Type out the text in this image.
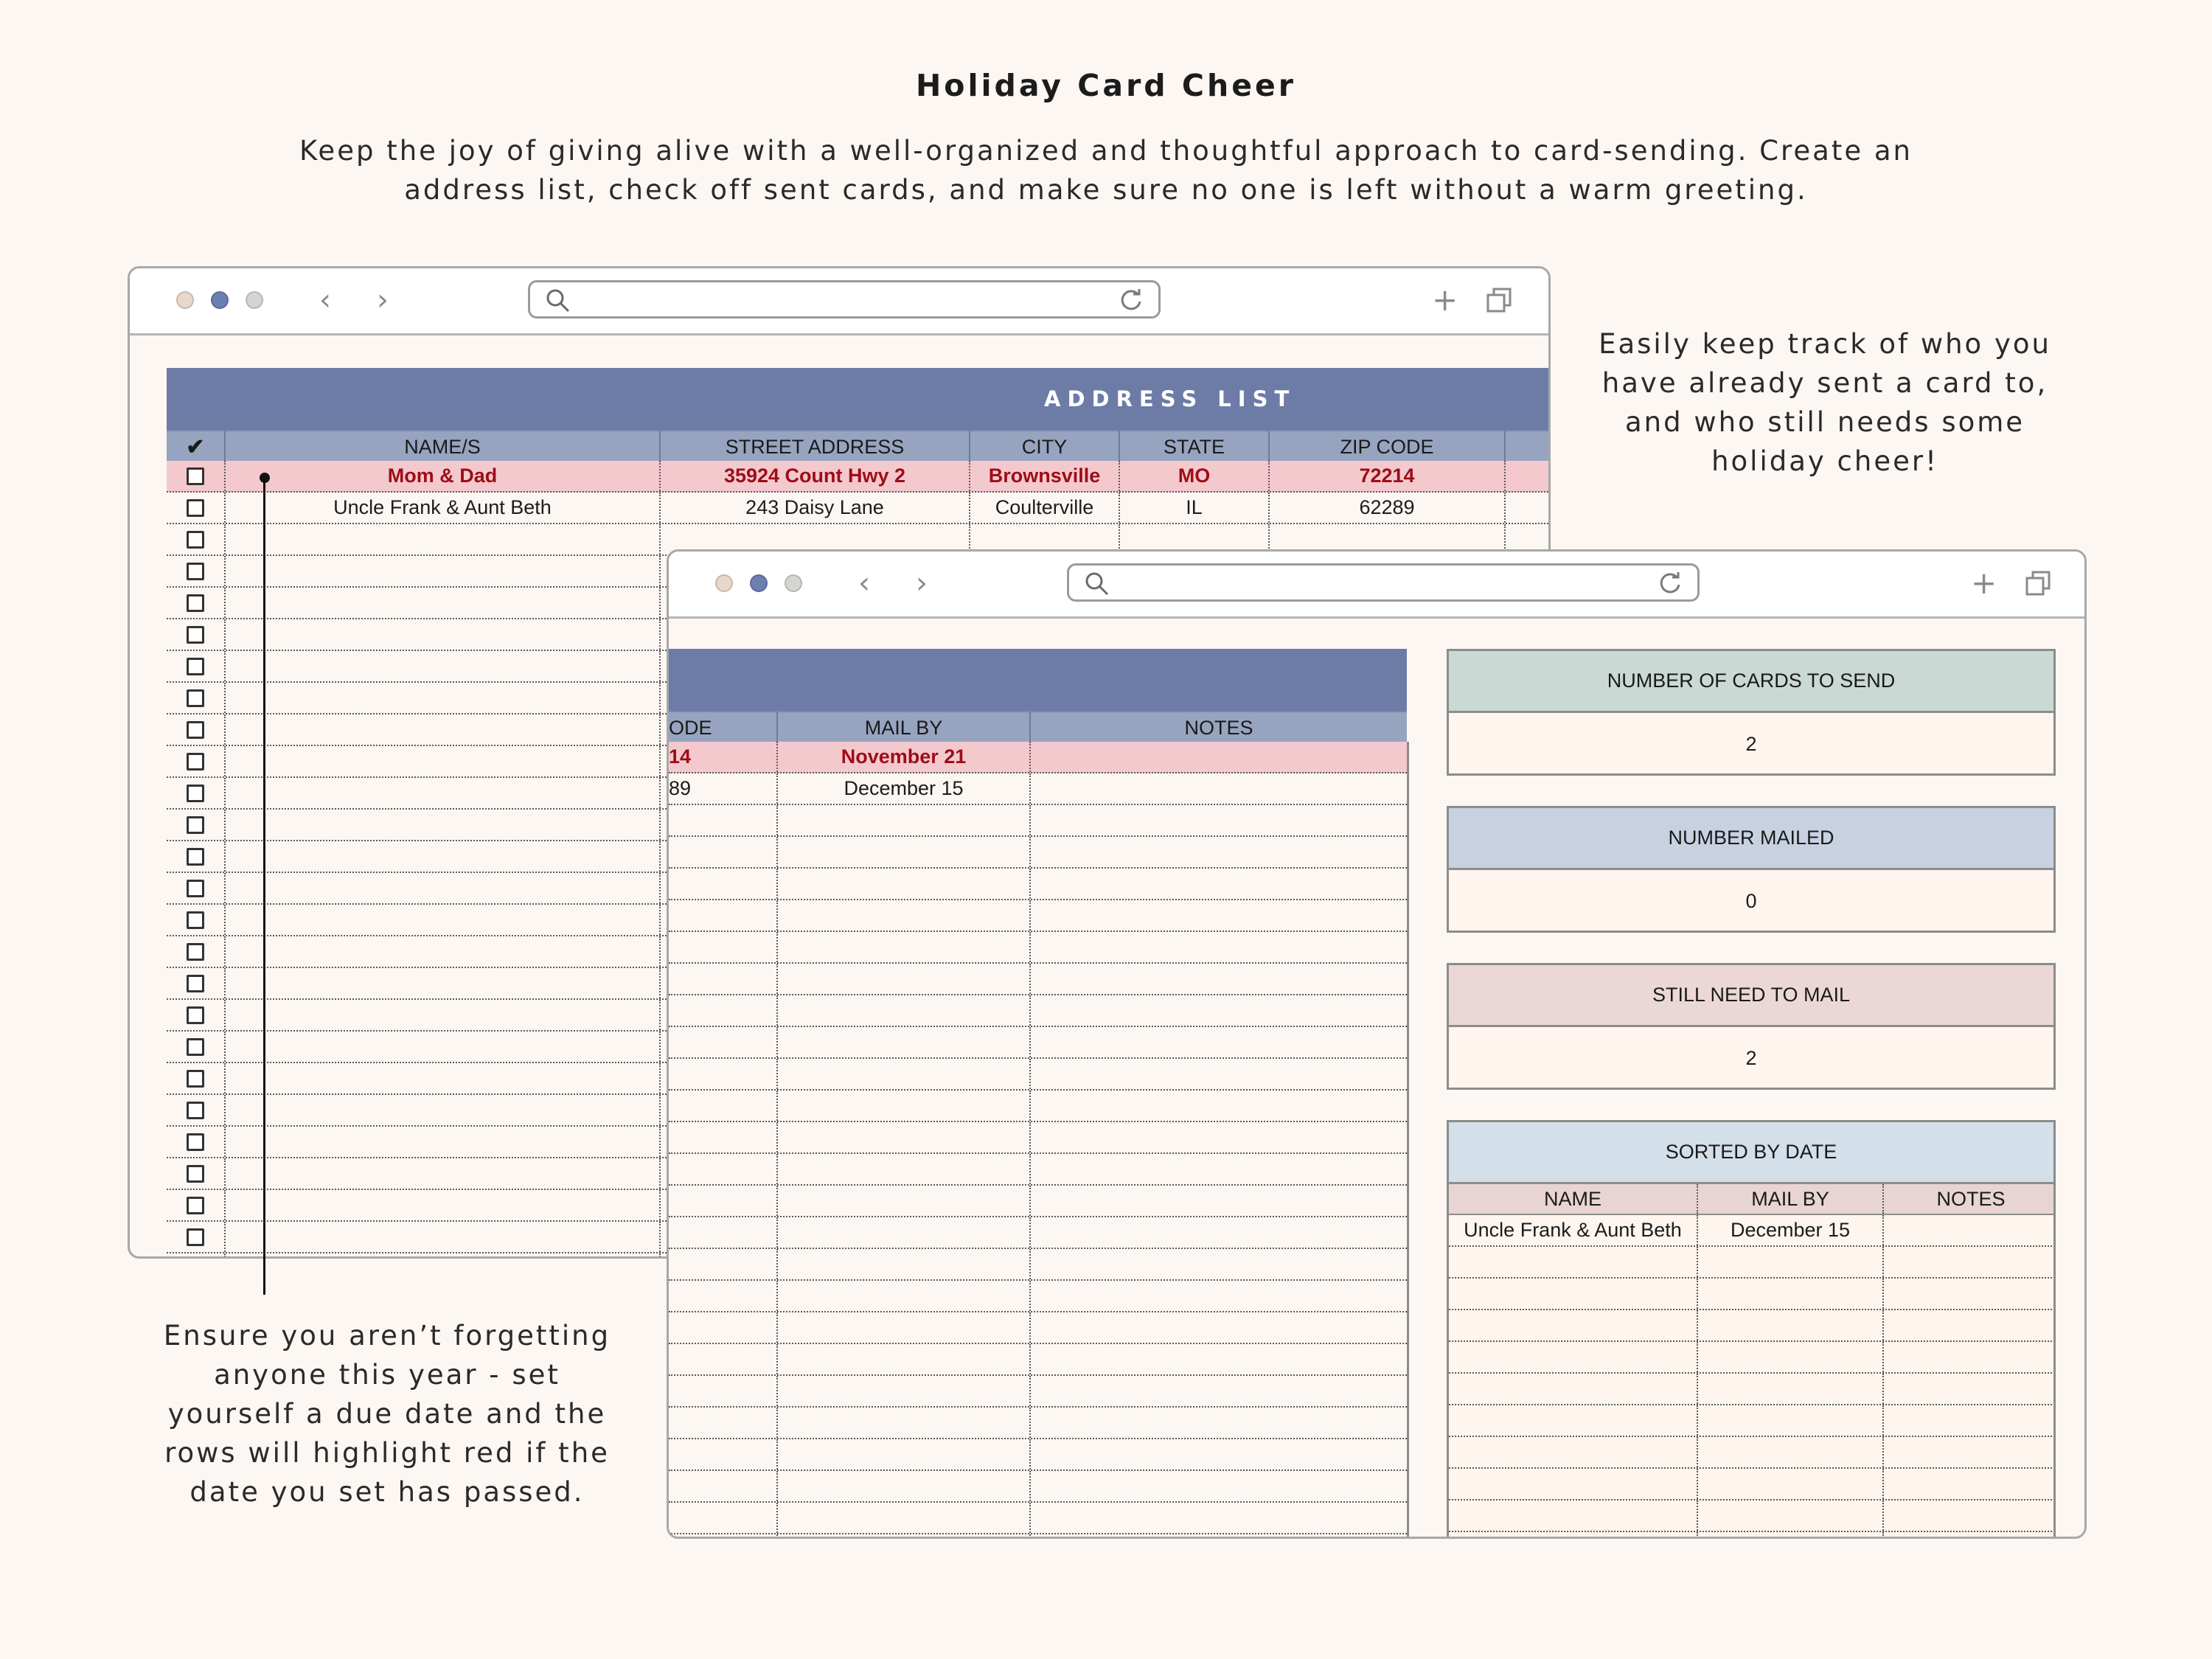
Holiday Card Cheer
Keep the joy of giving alive with a well-organized and thoughtful approach to card-sending. Create an
address list, check off sent cards, and make sure no one is left without a warm greeting.
Easily keep track of who you
have already sent a card to,
and who still needs some
holiday cheer!
Ensure you aren’t forgetting
anyone this year - set
yourself a due date and the
rows will highlight red if the
date you set has passed.
‹ ›	+
ADDRESS LIST
✔	NAME/S	STREET ADDRESS	CITY	STATE	ZIP CODE
Mom & Dad	35924 Count Hwy 2	Brownsville	MO	72214
Uncle Frank & Aunt Beth	243 Daisy Lane	Coulterville	IL	62289
‹ ›	+
ODE	MAIL BY	NOTES
14	November 21
89	December 15
NUMBER OF CARDS TO SEND
2
NUMBER MAILED
0
STILL NEED TO MAIL
2
SORTED BY DATE
NAME	MAIL BY	NOTES
Uncle Frank & Aunt Beth	December 15
